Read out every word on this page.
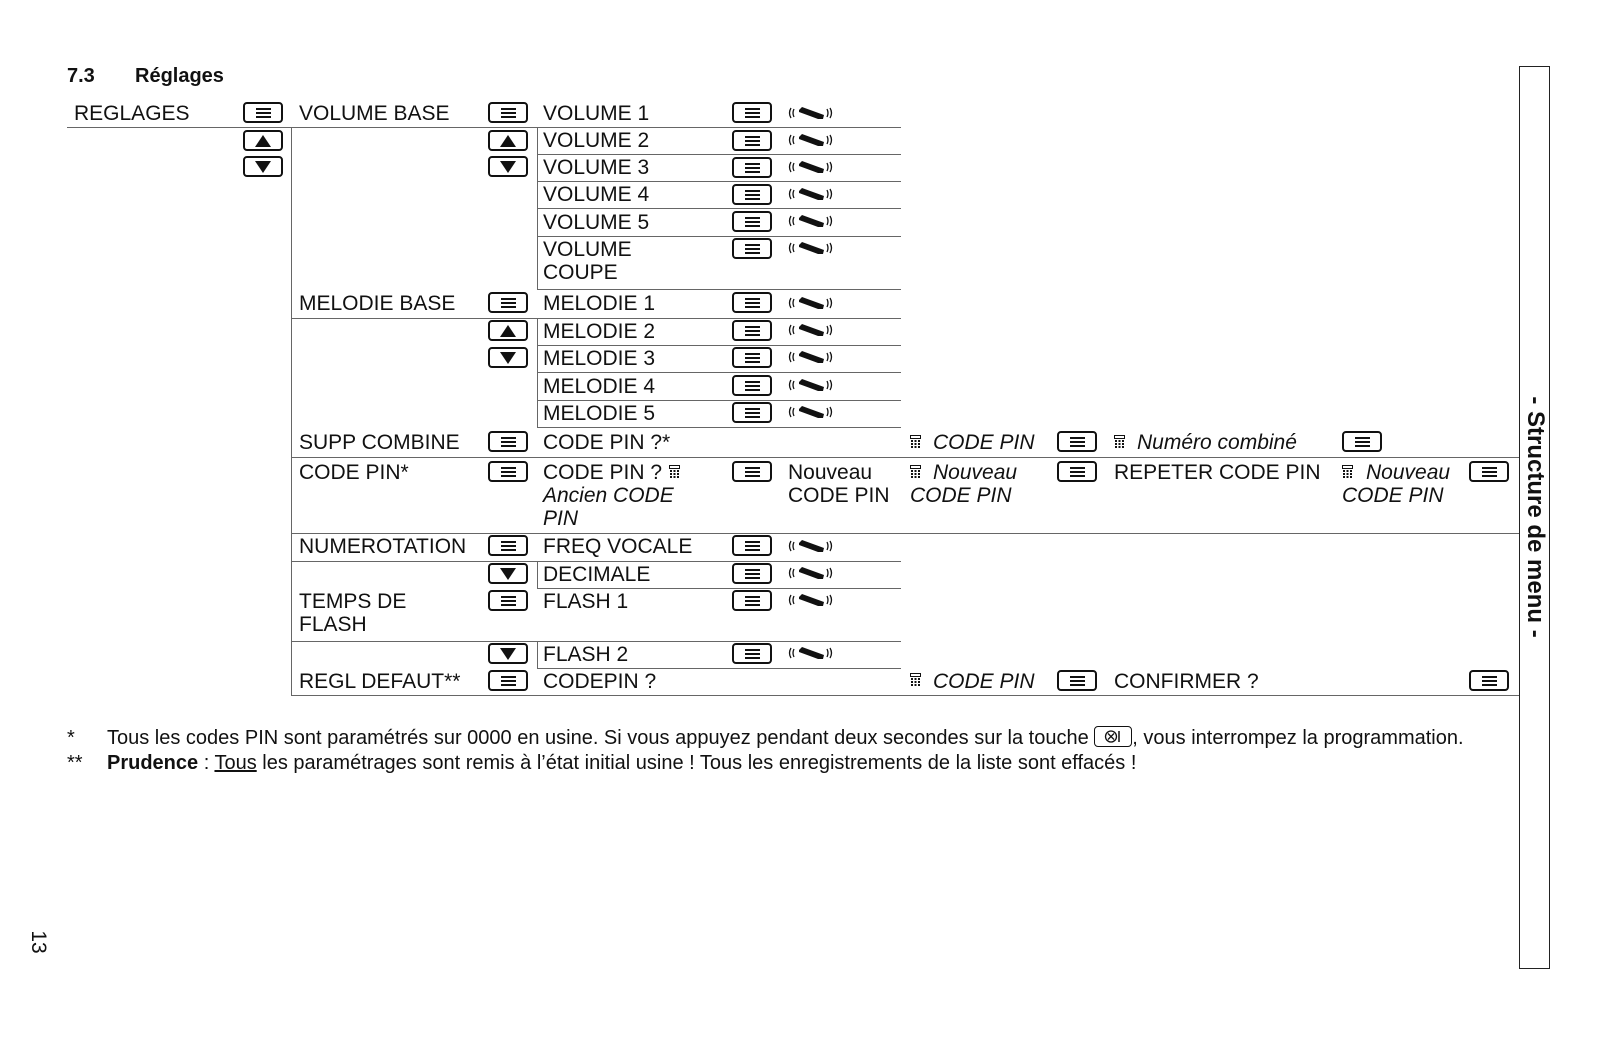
7.3 Réglages
- Structure de menu -
13
REGLAGES	VOLUME BASE
MELODIE BASE
SUPP COMBINE
CODE PIN*
NUMEROTATION
TEMPS DE
FLASH
REGL DEFAUT**
VOLUME 1
VOLUME 2
VOLUME 3
VOLUME 4
VOLUME 5
VOLUME
COUPE
MELODIE 1
MELODIE 2
MELODIE 3
MELODIE 4
MELODIE 5
CODE PIN ?*
CODE PIN ?
Ancien CODE
PIN
FREQ VOCALE
DECIMALE
FLASH 1
FLASH 2
CODEPIN ?
Nouveau
CODE PIN
CODE PIN
Nouveau
CODE PIN
CODE PIN
Numéro combiné
REPETER CODE PIN
CONFIRMER ?
Nouveau
CODE PIN
* Tous les codes PIN sont paramétrés sur 0000 en usine. Si vous appuyez pendant deux secondes sur la touche , vous interrompez la programmation.
** Prudence : Tous les paramétrages sont remis à l’état initial usine ! Tous les enregistrements de la liste sont effacés !
